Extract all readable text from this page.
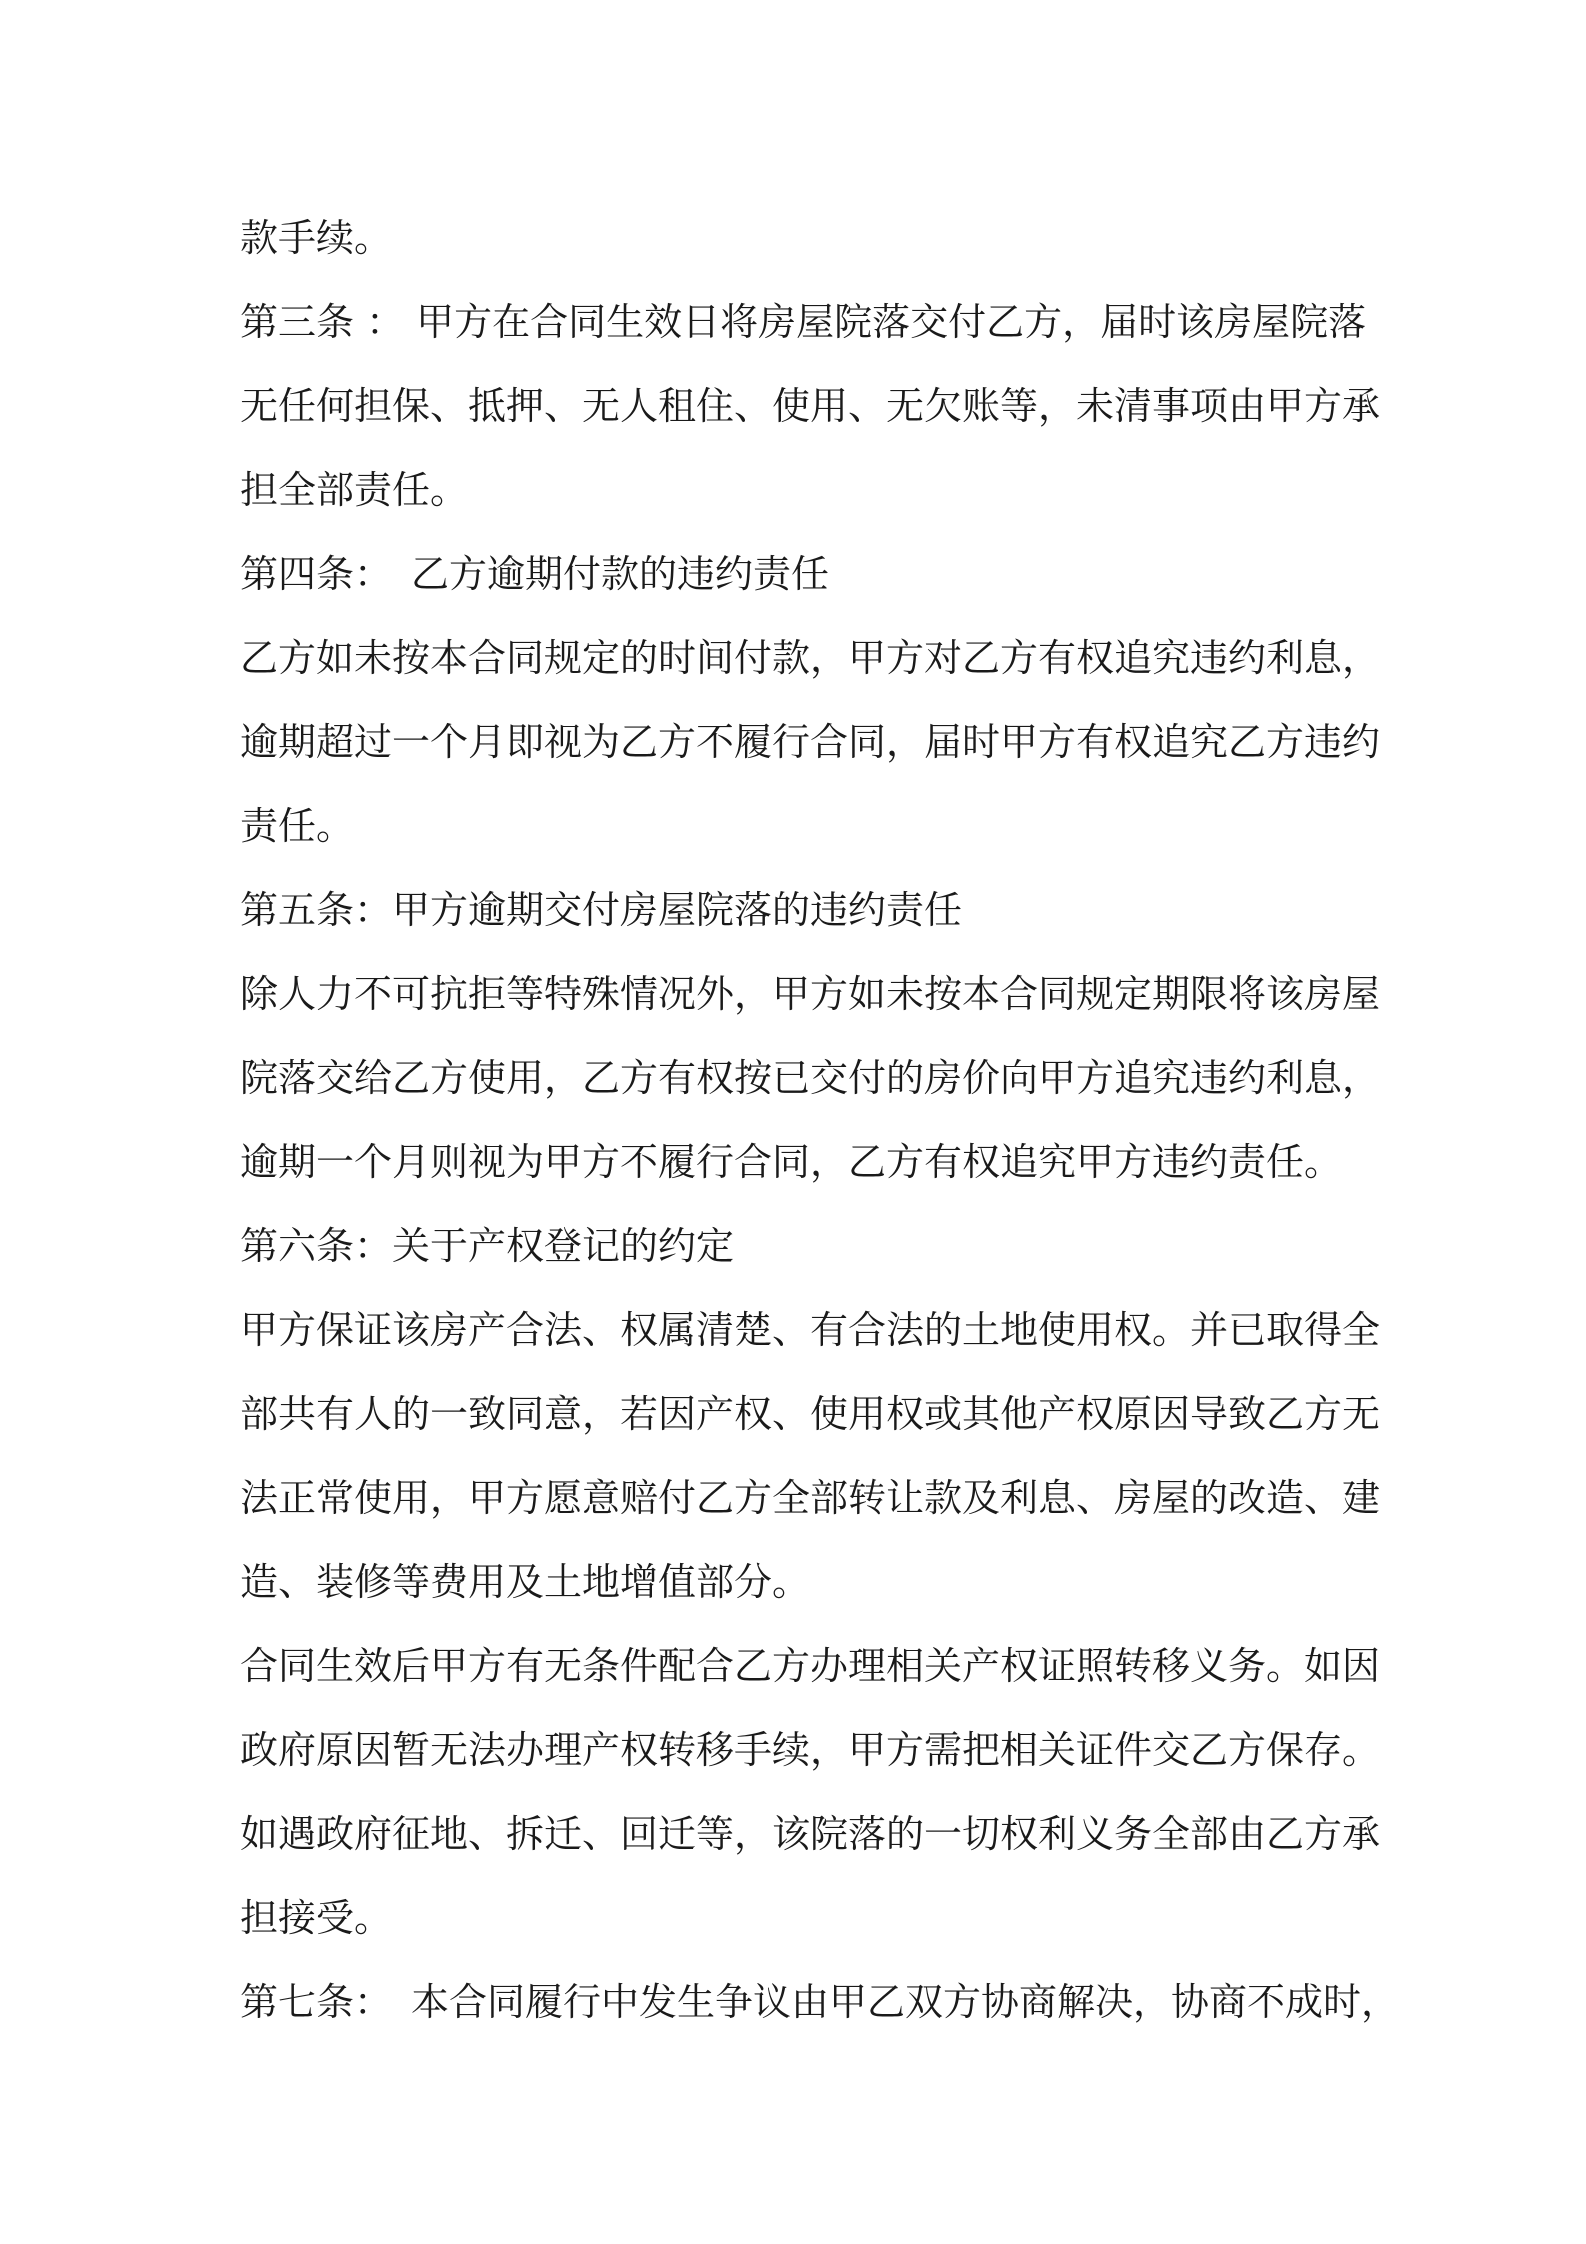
款手续。
第三条 ： 甲方在合同生效日将房屋院落交付乙方，届时该房屋院落
无任何担保、抵押、无人租住、使用、无欠账等，未清事项由甲方承
担全部责任。
第四条：　乙方逾期付款的违约责任
乙方如未按本合同规定的时间付款，甲方对乙方有权追究违约利息，
逾期超过一个月即视为乙方不履行合同，届时甲方有权追究乙方违约
责任。
第五条：甲方逾期交付房屋院落的违约责任
除人力不可抗拒等特殊情况外，甲方如未按本合同规定期限将该房屋
院落交给乙方使用，乙方有权按已交付的房价向甲方追究违约利息，
逾期一个月则视为甲方不履行合同，乙方有权追究甲方违约责任。
第六条：关于产权登记的约定
甲方保证该房产合法、权属清楚、有合法的土地使用权。并已取得全
部共有人的一致同意，若因产权、使用权或其他产权原因导致乙方无
法正常使用，甲方愿意赔付乙方全部转让款及利息、房屋的改造、建
造、装修等费用及土地增值部分。
合同生效后甲方有无条件配合乙方办理相关产权证照转移义务。如因
政府原因暂无法办理产权转移手续，甲方需把相关证件交乙方保存。
如遇政府征地、拆迁、回迁等，该院落的一切权利义务全部由乙方承
担接受。
第七条：　本合同履行中发生争议由甲乙双方协商解决，协商不成时，
